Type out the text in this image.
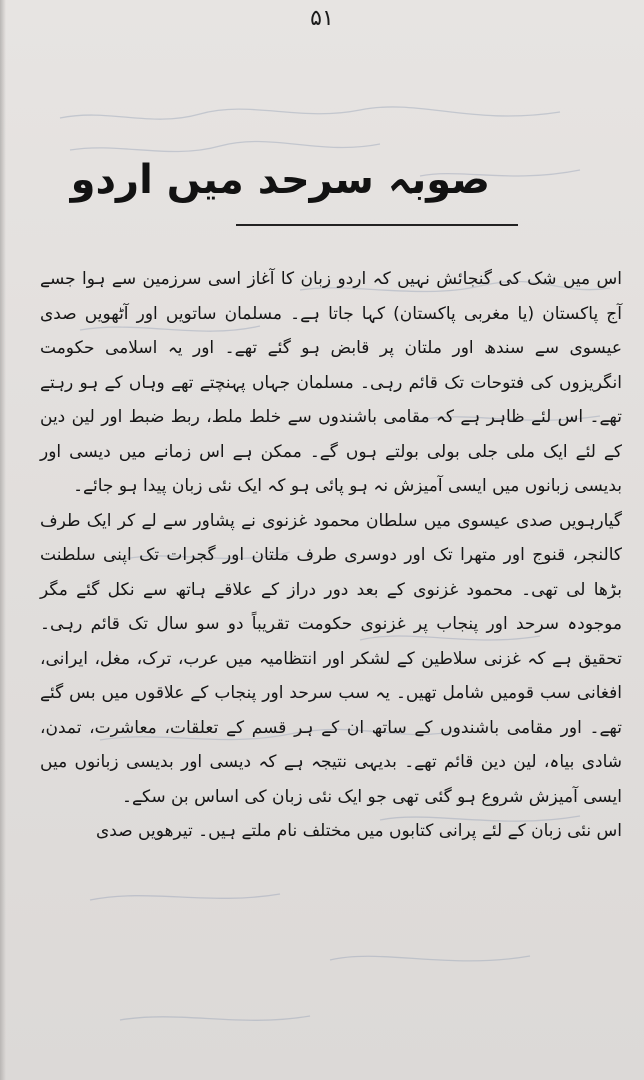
۵۱
صوبہ سرحد میں اردو

اس میں شک کی گنجائش نہیں کہ اردو زبان کا آغاز اسی سرزمین سے ہوا جسے آج پاکستان (یا مغربی پاکستان) کہا جاتا ہے۔ مسلمان ساتویں اور آٹھویں صدی عیسوی سے سندھ اور ملتان پر قابض ہو گئے تھے۔ اور یہ اسلامی حکومت انگریزوں کی فتوحات تک قائم رہی۔ مسلمان جہاں پہنچتے تھے وہاں کے ہو رہتے تھے۔ اس لئے ظاہر ہے کہ مقامی باشندوں سے خلط ملط، ربط ضبط اور لین دین کے لئے ایک ملی جلی بولی بولتے ہوں گے۔ ممکن ہے اس زمانے میں دیسی اور بدیسی زبانوں میں ایسی آمیزش نہ ہو پائی ہو کہ ایک نئی زبان پیدا ہو جائے۔

گیارہویں صدی عیسوی میں سلطان محمود غزنوی نے پشاور سے لے کر ایک طرف کالنجر، قنوج اور متھرا تک اور دوسری طرف ملتان اور گجرات تک اپنی سلطنت بڑھا لی تھی۔ محمود غزنوی کے بعد دور دراز کے علاقے ہاتھ سے نکل گئے مگر موجودہ سرحد اور پنجاب پر غزنوی حکومت تقریباً دو سو سال تک قائم رہی۔ تحقیق ہے کہ غزنی سلاطین کے لشکر اور انتظامیہ میں عرب، ترک، مغل، ایرانی، افغانی سب قومیں شامل تھیں۔ یہ سب سرحد اور پنجاب کے علاقوں میں بس گئے تھے۔ اور مقامی باشندوں کے ساتھ ان کے ہر قسم کے تعلقات، معاشرت، تمدن، شادی بیاہ، لین دین قائم تھے۔ بدیہی نتیجہ ہے کہ دیسی اور بدیسی زبانوں میں ایسی آمیزش شروع ہو گئی تھی جو ایک نئی زبان کی اساس بن سکے۔

اس نئی زبان کے لئے پرانی کتابوں میں مختلف نام ملتے ہیں۔ تیرھویں صدی
